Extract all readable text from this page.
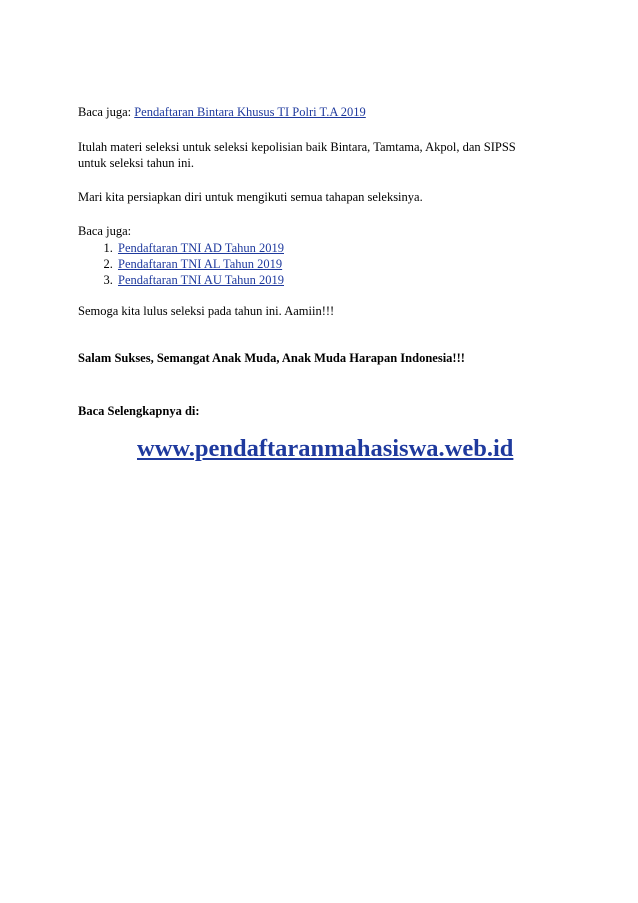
Baca juga: Pendaftaran Bintara Khusus TI Polri T.A 2019
Itulah materi seleksi untuk seleksi kepolisian baik Bintara, Tamtama, Akpol, dan SIPSS
untuk seleksi tahun ini.
Mari kita persiapkan diri untuk mengikuti semua tahapan seleksinya.
Baca juga:
1. Pendaftaran TNI AD Tahun 2019
2. Pendaftaran TNI AL Tahun 2019
3. Pendaftaran TNI AU Tahun 2019
Semoga kita lulus seleksi pada tahun ini. Aamiin!!!
Salam Sukses, Semangat Anak Muda, Anak Muda Harapan Indonesia!!!
Baca Selengkapnya di:
www.pendaftaranmahasiswa.web.id
